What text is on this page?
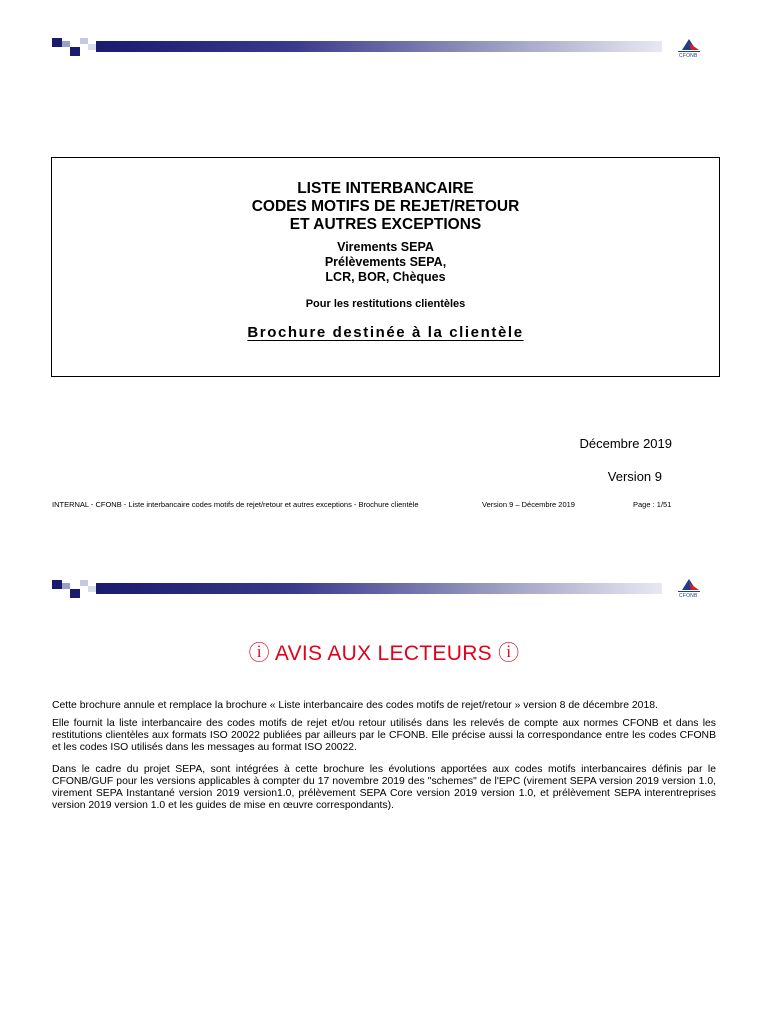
CFONB
LISTE INTERBANCAIRE
CODES MOTIFS DE REJET/RETOUR
ET AUTRES EXCEPTIONS
Virements SEPA
Prélèvements SEPA,
LCR, BOR, Chèques
Pour les restitutions clientèles
Brochure destinée à la clientèle
Décembre 2019
Version 9
INTERNAL - CFONB - Liste interbancaire codes motifs de rejet/retour et autres exceptions - Brochure clientèle	Version 9 – Décembre 2019	Page : 1/51
CFONB
ⓘ AVIS AUX LECTEURS ⓘ
Cette brochure annule et remplace la brochure « Liste interbancaire des codes motifs de rejet/retour » version 8 de décembre 2018.
Elle fournit la liste interbancaire des codes motifs de rejet et/ou retour utilisés dans les relevés de compte aux normes CFONB et dans les restitutions clientèles aux formats ISO 20022 publiées par ailleurs par le CFONB. Elle précise aussi la correspondance entre les codes CFONB et les codes ISO utilisés dans les messages au format ISO 20022.
Dans le cadre du projet SEPA, sont intégrées à cette brochure les évolutions apportées aux codes motifs interbancaires définis par le CFONB/GUF pour les versions applicables à compter du 17 novembre 2019 des "schemes" de l'EPC (virement SEPA version 2019 version 1.0, virement SEPA Instantané version 2019 version1.0, prélèvement SEPA Core version 2019 version 1.0, et prélèvement SEPA interentreprises version 2019 version 1.0 et les guides de mise en œuvre correspondants).
